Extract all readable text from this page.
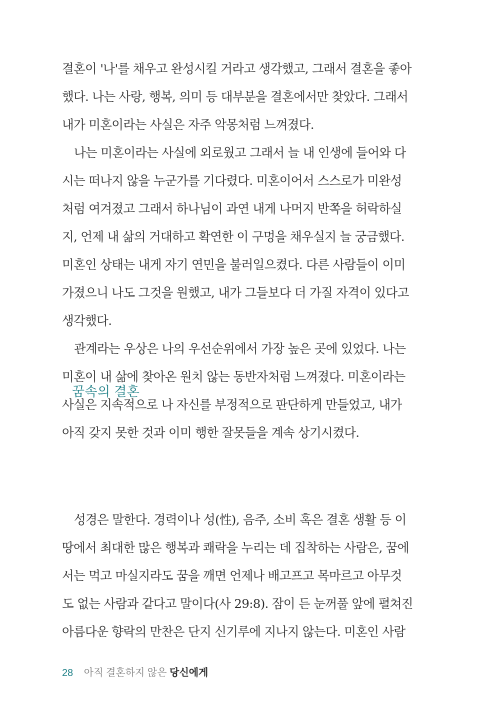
결혼이 '나'를 채우고 완성시킬 거라고 생각했고, 그래서 결혼을 좋아
했다. 나는 사랑, 행복, 의미 등 대부분을 결혼에서만 찾았다. 그래서
내가 미혼이라는 사실은 자주 악몽처럼 느껴졌다.
　나는 미혼이라는 사실에 외로웠고 그래서 늘 내 인생에 들어와 다
시는 떠나지 않을 누군가를 기다렸다. 미혼이어서 스스로가 미완성
처럼 여겨졌고 그래서 하나님이 과연 내게 나머지 반쪽을 허락하실
지, 언제 내 삶의 거대하고 확연한 이 구멍을 채우실지 늘 궁금했다.
미혼인 상태는 내게 자기 연민을 불러일으켰다. 다른 사람들이 이미
가졌으니 나도 그것을 원했고, 내가 그들보다 더 가질 자격이 있다고
생각했다.
　관계라는 우상은 나의 우선순위에서 가장 높은 곳에 있었다. 나는
미혼이 내 삶에 찾아온 원치 않는 동반자처럼 느껴졌다. 미혼이라는
사실은 지속적으로 나 자신를 부정적으로 판단하게 만들었고, 내가
아직 갖지 못한 것과 이미 행한 잘못들을 계속 상기시켰다.
꿈속의 결혼
　성경은 말한다. 경력이나 성(性), 음주, 소비 혹은 결혼 생활 등 이
땅에서 최대한 많은 행복과 쾌락을 누리는 데 집착하는 사람은, 꿈에
서는 먹고 마실지라도 꿈을 깨면 언제나 배고프고 목마르고 아무것
도 없는 사람과 같다고 말이다(사 29:8). 잠이 든 눈꺼풀 앞에 펼쳐진
아름다운 향락의 만찬은 단지 신기루에 지나지 않는다. 미혼인 사람
28 아직 결혼하지 않은 당신에게
